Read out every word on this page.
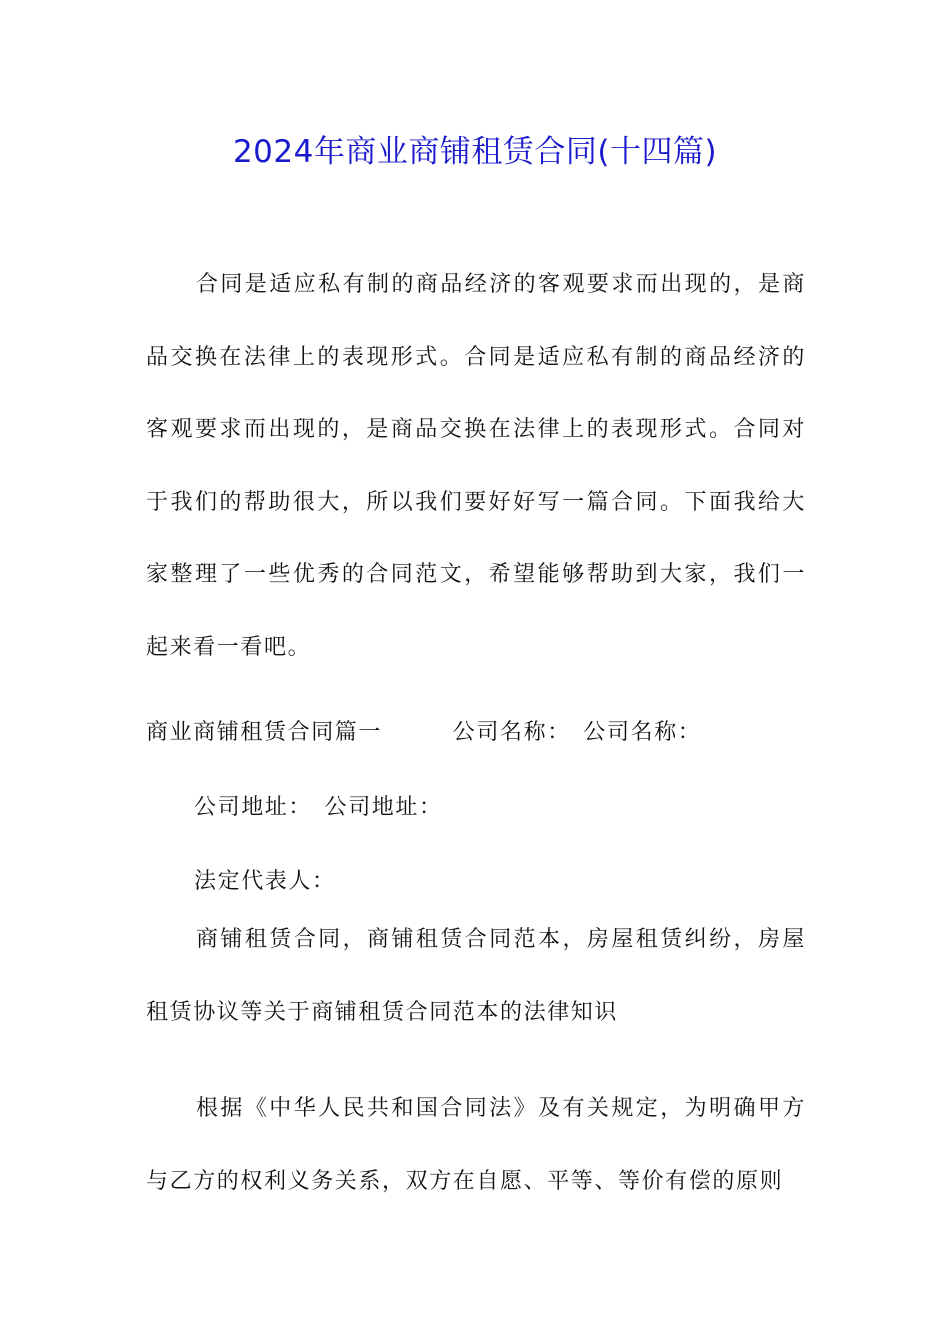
2024年商业商铺租赁合同(十四篇)

合同是适应私有制的商品经济的客观要求而出现的，是商品交换在法律上的表现形式。合同是适应私有制的商品经济的客观要求而出现的，是商品交换在法律上的表现形式。合同对于我们的帮助很大，所以我们要好好写一篇合同。下面我给大家整理了一些优秀的合同范文，希望能够帮助到大家，我们一起来看一看吧。

商业商铺租赁合同篇一　　　公司名称：　公司名称：

公司地址：　公司地址：

法定代表人：

商铺租赁合同，商铺租赁合同范本，房屋租赁纠纷，房屋租赁协议等关于商铺租赁合同范本的法律知识

根据《中华人民共和国合同法》及有关规定，为明确甲方与乙方的权利义务关系，双方在自愿、平等、等价有偿的原则
